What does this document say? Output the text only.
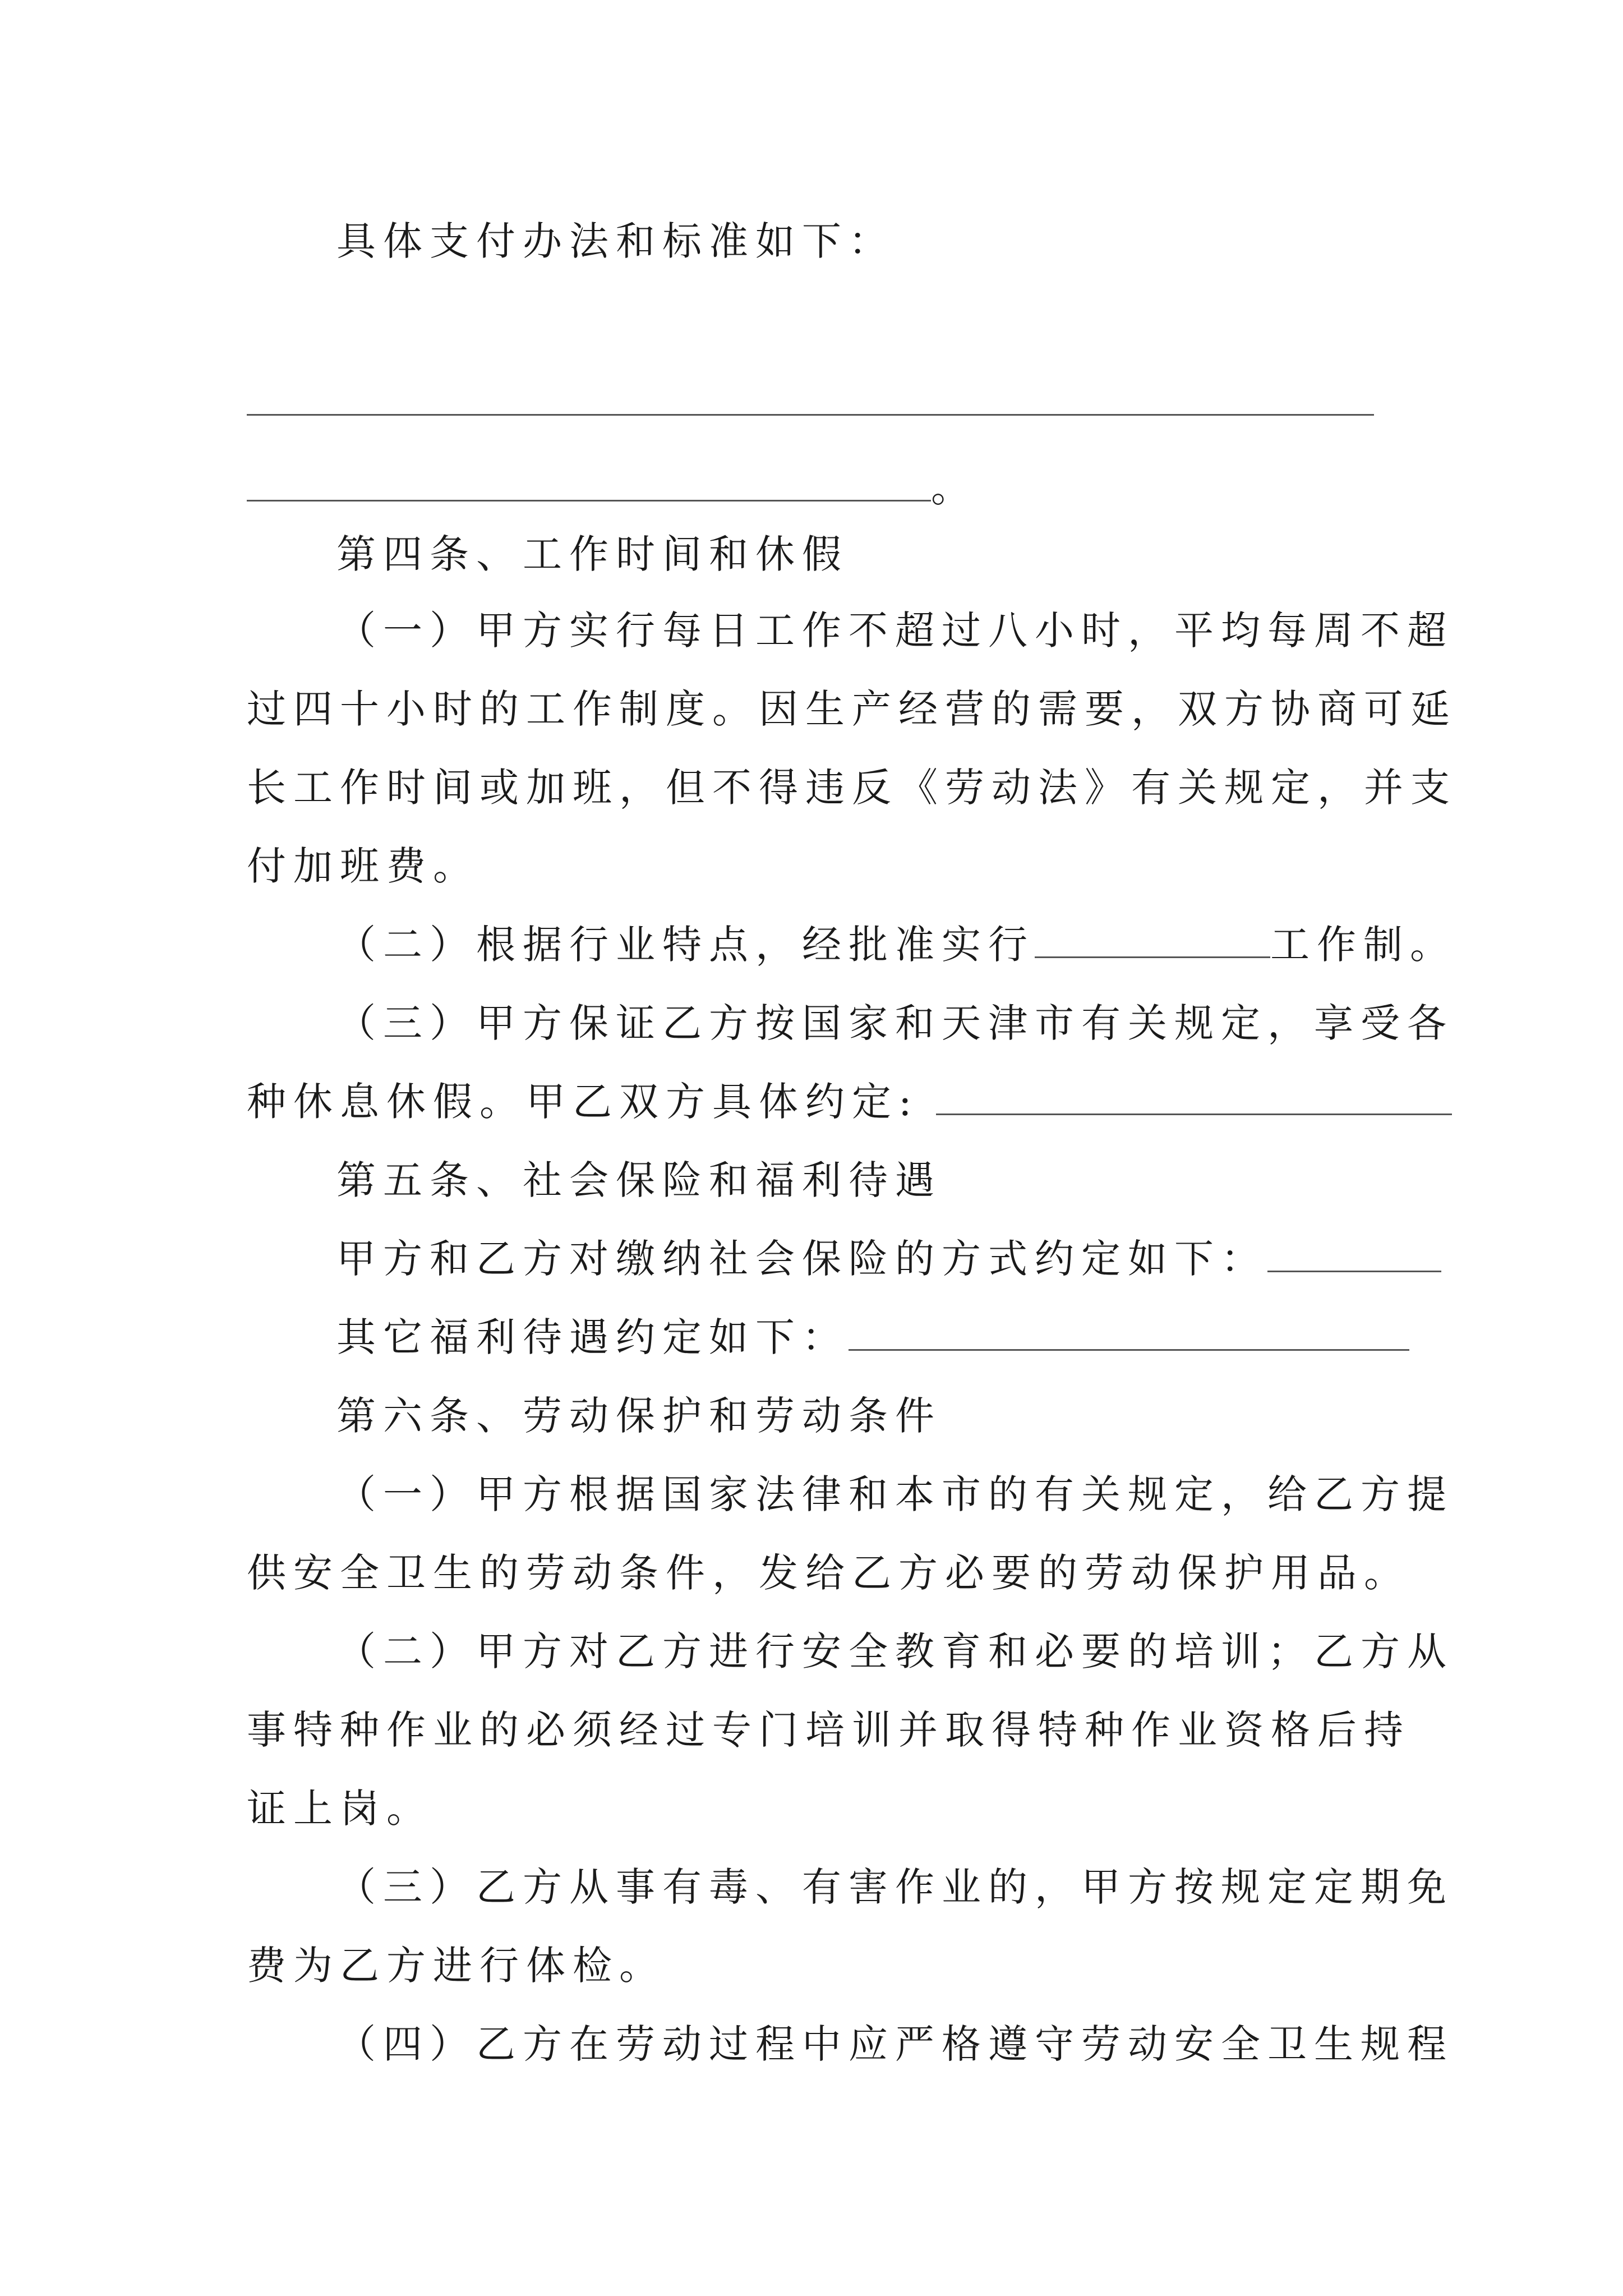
具体支付办法和标准如下：
。
第四条、工作时间和休假
（一）甲方实行每日工作不超过八小时，平均每周不超
过四十小时的工作制度。因生产经营的需要，双方协商可延
长工作时间或加班，但不得违反《劳动法》有关规定，并支
付加班费。
（二）根据行业特点，经批准实行	工作制。
（三）甲方保证乙方按国家和天津市有关规定，享受各
种休息休假。甲乙双方具体约定:
第五条、社会保险和福利待遇
甲方和乙方对缴纳社会保险的方式约定如下：
其它福利待遇约定如下：
第六条、劳动保护和劳动条件
（一）甲方根据国家法律和本市的有关规定，给乙方提
供安全卫生的劳动条件，发给乙方必要的劳动保护用品。
（二）甲方对乙方进行安全教育和必要的培训；乙方从
事特种作业的必须经过专门培训并取得特种作业资格后持
证上岗。
（三）乙方从事有毒、有害作业的，甲方按规定定期免
费为乙方进行体检。
（四）乙方在劳动过程中应严格遵守劳动安全卫生规程
